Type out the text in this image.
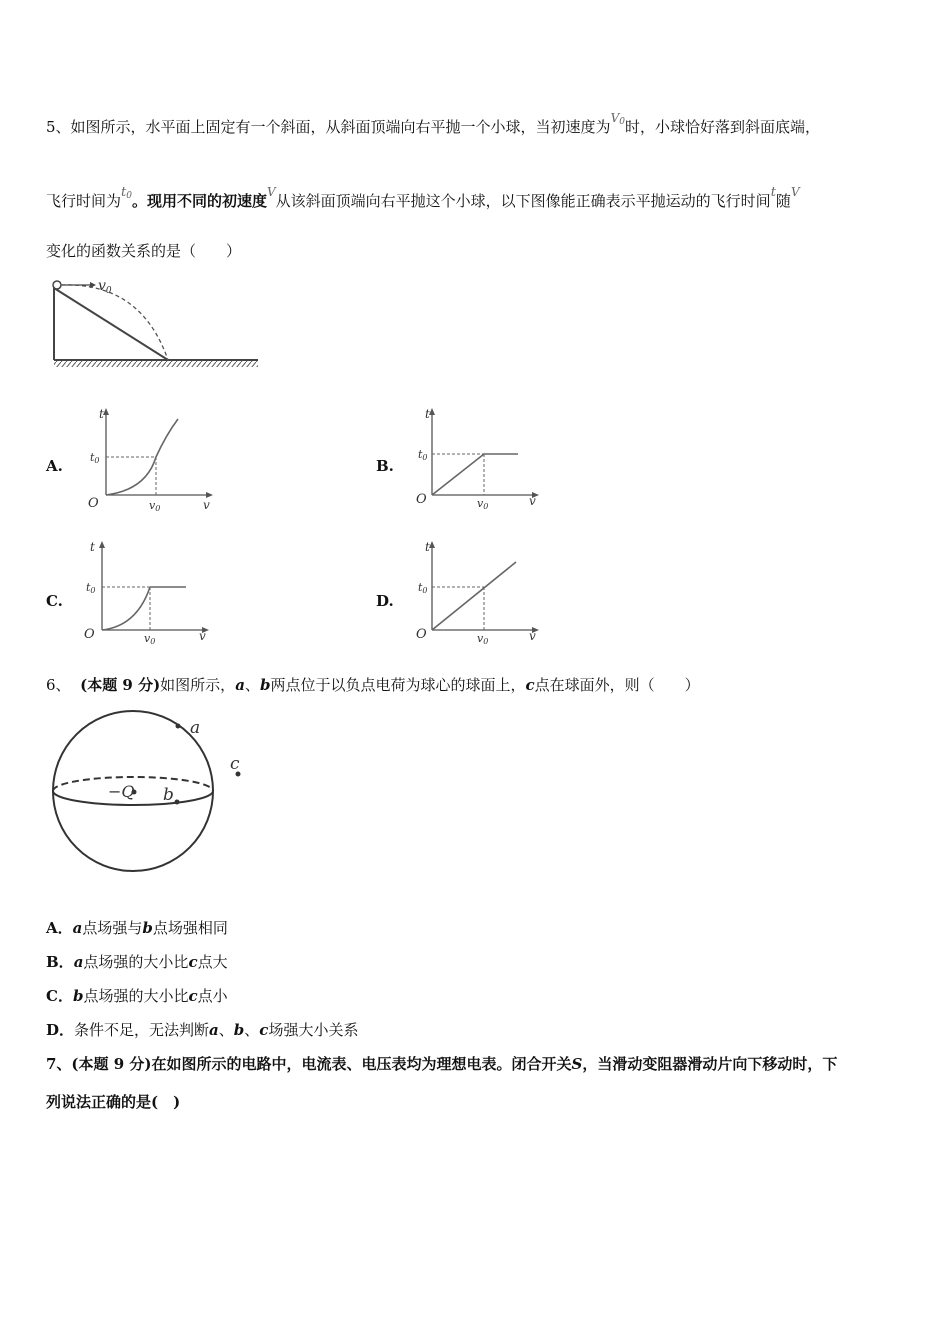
5、如图所示，水平面上固定有一个斜面，从斜面顶端向右平抛一个小球，当初速度为$^{V_0}$时，小球恰好落到斜面底端，
飞行时间为$t_0$。现用不同的初速度$^V$从该斜面顶端向右平抛这个小球，以下图像能正确表示平抛运动的飞行时间t随$^V$
变化的函数关系的是（　　）
$v_0$
A.
t
O	v
t0
v0
B.
t
O	v
t0
v0
C.
t
O	v
t0
v0
D.
t
O	v
t0
v0
6、 (本题 9 分)如图所示，a、b两点位于以负点电荷为球心的球面上，c点在球面外，则（　　）
−Q
a
b
c
A．a点场强与b点场强相同
B．a点场强的大小比c点大
C．b点场强的大小比c点小
D．条件不足，无法判断a、b、c场强大小关系
7、(本题 9 分)在如图所示的电路中，电流表、电压表均为理想电表。闭合开关S，当滑动变阻器滑动片向下移动时，下
列说法正确的是(　)
